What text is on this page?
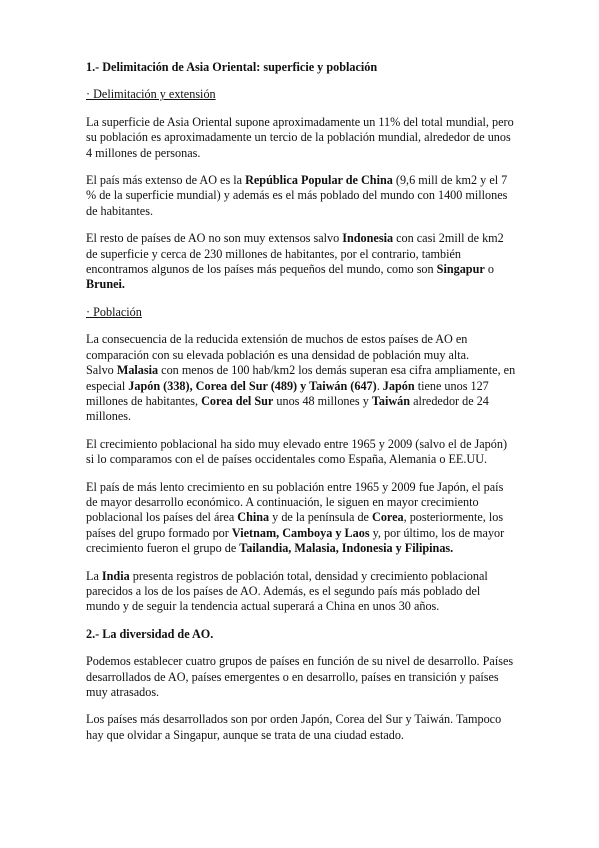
1.- Delimitación de Asia Oriental: superficie y población

· Delimitación y extensión

La superficie de Asia Oriental supone aproximadamente un 11% del total mundial, pero su población es aproximadamente un tercio de la población mundial, alrededor de unos 4 millones de personas.

El país más extenso de AO es la República Popular de China (9,6 mill de km2 y el 7 % de la superficie mundial) y además es el más poblado del mundo con 1400 millones de habitantes.

El resto de países de AO no son muy extensos salvo Indonesia con casi 2mill de km2 de superficie y cerca de 230 millones de habitantes, por el contrario, también encontramos algunos de los países más pequeños del mundo, como son Singapur o Brunei.

· Población

La consecuencia de la reducida extensión de muchos de estos países de AO en comparación con su elevada población es una densidad de población muy alta.
Salvo Malasia con menos de 100 hab/km2 los demás superan esa cifra ampliamente, en especial Japón (338), Corea del Sur (489) y Taiwán (647). Japón tiene unos 127 millones de habitantes, Corea del Sur unos 48 millones y Taiwán alrededor de 24 millones.

El crecimiento poblacional ha sido muy elevado entre 1965 y 2009 (salvo el de Japón) si lo comparamos con el de países occidentales como España, Alemania o EE.UU.

El país de más lento crecimiento en su población entre 1965 y 2009 fue Japón, el país de mayor desarrollo económico. A continuación, le siguen en mayor crecimiento poblacional los países del área China y de la península de Corea, posteriormente, los países del grupo formado por Vietnam, Camboya y Laos y, por último, los de mayor crecimiento fueron el grupo de Tailandia, Malasia, Indonesia y Filipinas.

La India presenta registros de población total, densidad y crecimiento poblacional parecidos a los de los países de AO. Además, es el segundo país más poblado del mundo y de seguir la tendencia actual superará a China en unos 30 años.

2.- La diversidad de AO.

Podemos establecer cuatro grupos de países en función de su nivel de desarrollo. Países desarrollados de AO, países emergentes o en desarrollo, países en transición y países muy atrasados.

Los países más desarrollados son por orden Japón, Corea del Sur y Taiwán. Tampoco hay que olvidar a Singapur, aunque se trata de una ciudad estado.
